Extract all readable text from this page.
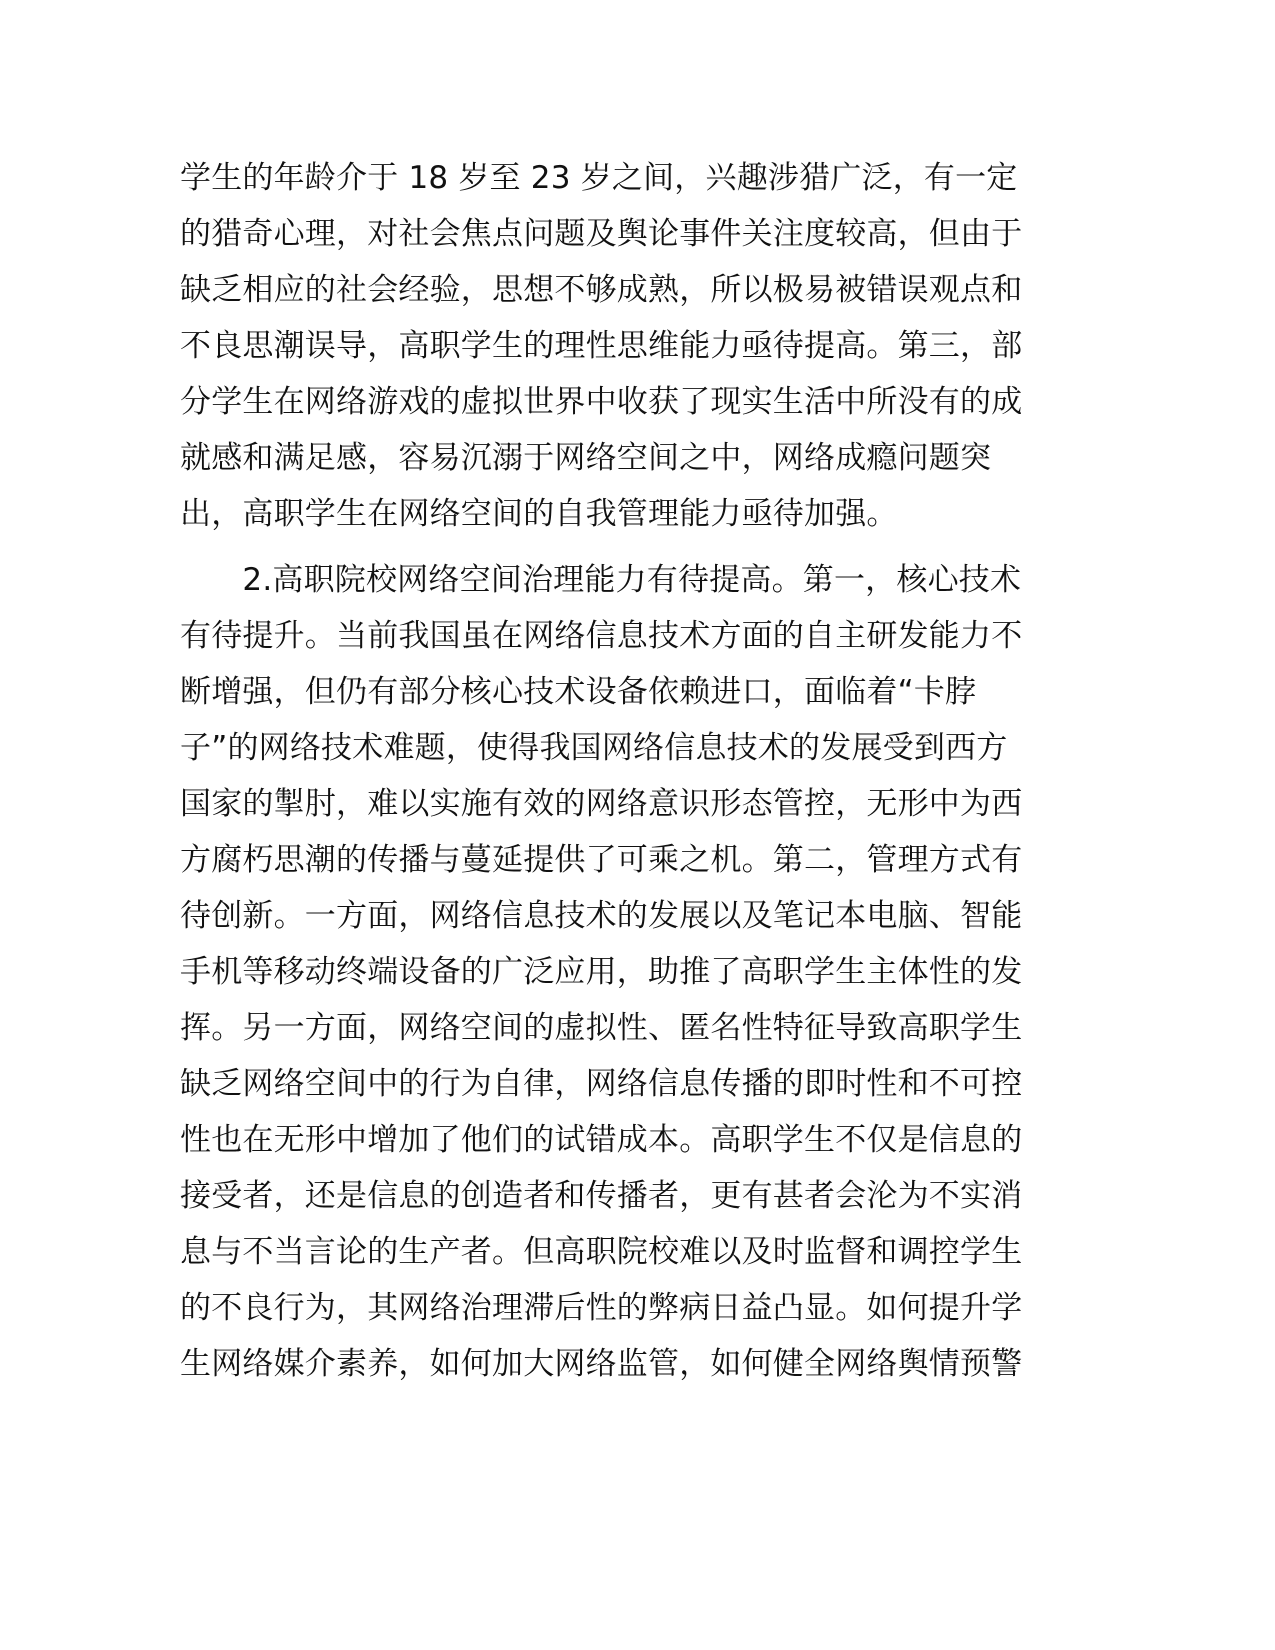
学生的年龄介于 18 岁至 23 岁之间，兴趣涉猎广泛，有一定
的猎奇心理，对社会焦点问题及舆论事件关注度较高，但由于
缺乏相应的社会经验，思想不够成熟，所以极易被错误观点和
不良思潮误导，高职学生的理性思维能力亟待提高。第三，部
分学生在网络游戏的虚拟世界中收获了现实生活中所没有的成
就感和满足感，容易沉溺于网络空间之中，网络成瘾问题突
出，高职学生在网络空间的自我管理能力亟待加强。
　　2.高职院校网络空间治理能力有待提高。第一，核心技术
有待提升。当前我国虽在网络信息技术方面的自主研发能力不
断增强，但仍有部分核心技术设备依赖进口，面临着“卡脖
子”的网络技术难题，使得我国网络信息技术的发展受到西方
国家的掣肘，难以实施有效的网络意识形态管控，无形中为西
方腐朽思潮的传播与蔓延提供了可乘之机。第二，管理方式有
待创新。一方面，网络信息技术的发展以及笔记本电脑、智能
手机等移动终端设备的广泛应用，助推了高职学生主体性的发
挥。另一方面，网络空间的虚拟性、匿名性特征导致高职学生
缺乏网络空间中的行为自律，网络信息传播的即时性和不可控
性也在无形中增加了他们的试错成本。高职学生不仅是信息的
接受者，还是信息的创造者和传播者，更有甚者会沦为不实消
息与不当言论的生产者。但高职院校难以及时监督和调控学生
的不良行为，其网络治理滞后性的弊病日益凸显。如何提升学
生网络媒介素养，如何加大网络监管，如何健全网络舆情预警
